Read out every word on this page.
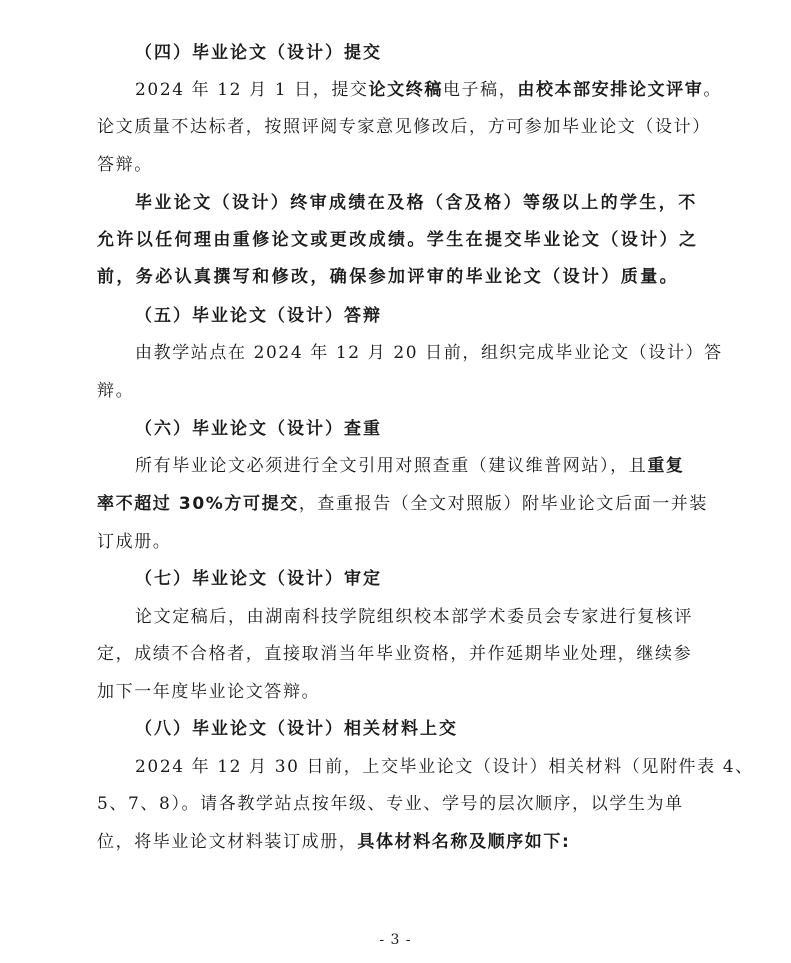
（四）毕业论文（设计）提交
2024 年 12 月 1 日，提交论文终稿电子稿，由校本部安排论文评审。
论文质量不达标者，按照评阅专家意见修改后，方可参加毕业论文（设计）
答辩。
毕业论文（设计）终审成绩在及格（含及格）等级以上的学生，不
允许以任何理由重修论文或更改成绩。学生在提交毕业论文（设计）之
前，务必认真撰写和修改，确保参加评审的毕业论文（设计）质量。
（五）毕业论文（设计）答辩
由教学站点在 2024 年 12 月 20 日前，组织完成毕业论文（设计）答
辩。
（六）毕业论文（设计）查重
所有毕业论文必须进行全文引用对照查重（建议维普网站），且重复
率不超过 30%方可提交，查重报告（全文对照版）附毕业论文后面一并装
订成册。
（七）毕业论文（设计）审定
论文定稿后，由湖南科技学院组织校本部学术委员会专家进行复核评
定，成绩不合格者，直接取消当年毕业资格，并作延期毕业处理，继续参
加下一年度毕业论文答辩。
（八）毕业论文（设计）相关材料上交
2024 年 12 月 30 日前，上交毕业论文（设计）相关材料（见附件表 4、
5、7、8）。请各教学站点按年级、专业、学号的层次顺序，以学生为单
位，将毕业论文材料装订成册，具体材料名称及顺序如下:
- 3 -
